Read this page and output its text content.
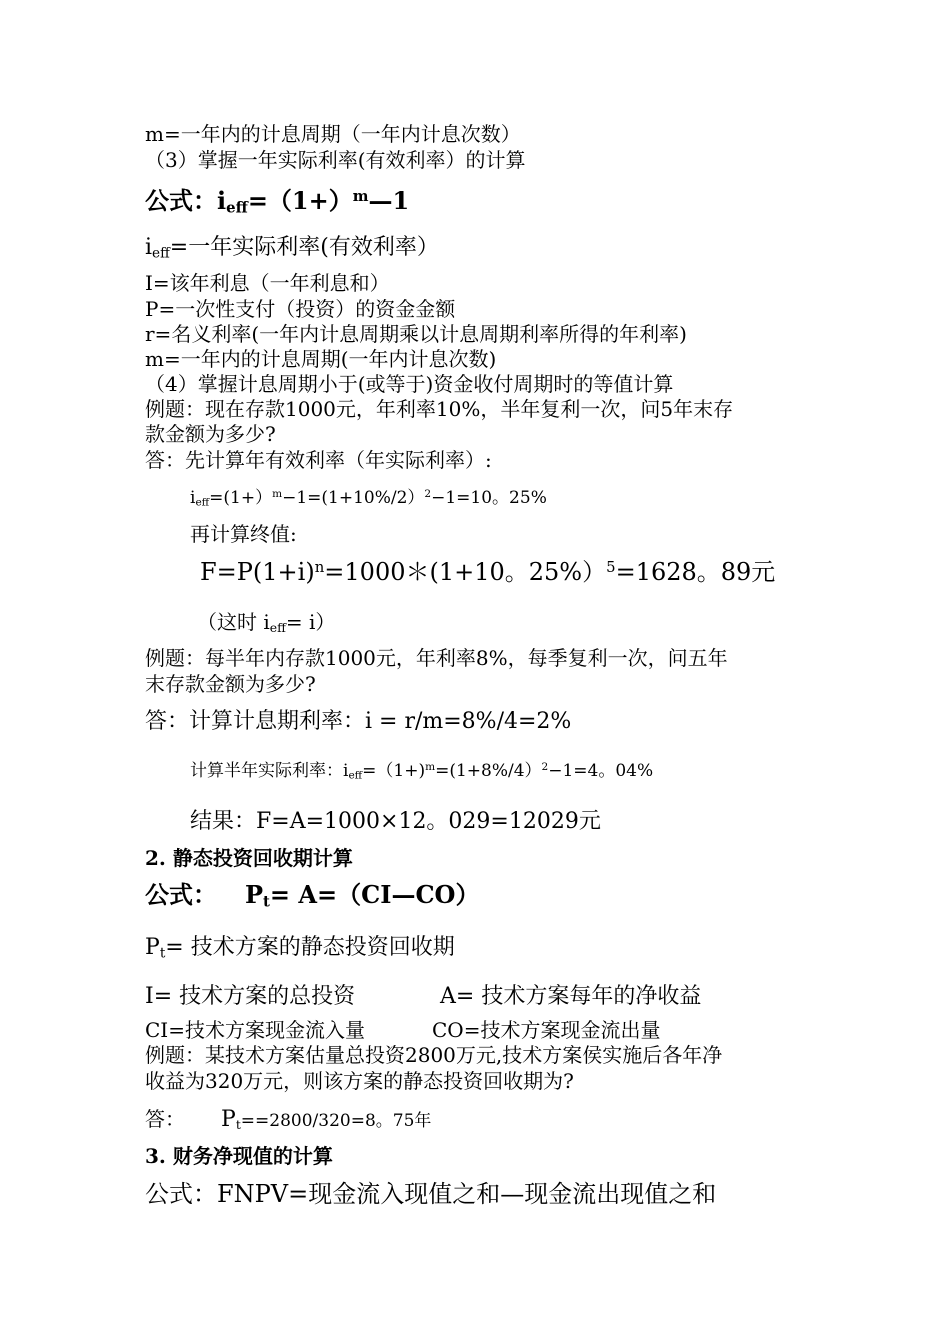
m=一年内的计息周期（一年内计息次数）
（3）掌握一年实际利率(有效利率）的计算
公式：$i_{eff}=(1+)^m—1$
$i_{eff}=$一年实际利率(有效利率）
I=该年利息（一年利息和）
P=一次性支付（投资）的资金金额
r=名义利率(一年内计息周期乘以计息周期利率所得的年利率)
m=一年内的计息周期(一年内计息次数)
（4）掌握计息周期小于(或等于)资金收付周期时的等值计算
例题：现在存款1000元，年利率10%，半年复利一次，问5年末存
款金额为多少?
答：先计算年有效利率（年实际利率）:
$i_{eff}=(1+)^m-1=(1+10\%/2)^2-1=10$。25%
再计算终值:
$F=P(1+i)^n=1000*(1+10$。25%）$^5$=1628。89元
（这时 $i_{eff}= i$）
例题：每半年内存款1000元，年利率8%，每季复利一次，问五年
末存款金额为多少?
答：计算计息期利率：i = r/m=8%/4=2%
计算半年实际利率：$i_{eff}=(1+)^m=(1+8\%/4)^2-1=4$。04%
结果：F=A=1000×12。029=12029元
2. 静态投资回收期计算
公式： $P_t=$ A=（CI—CO）
$P_t=$ 技术方案的静态投资回收期
I= 技术方案的总投资	A= 技术方案每年的净收益
CI=技术方案现金流入量	CO=技术方案现金流出量
例题：某技术方案估量总投资2800万元,技术方案侯实施后各年净
收益为320万元，则该方案的静态投资回收期为?
答： $P_t==2800/320=8$。75年
3. 财务净现值的计算
公式：FNPV=现金流入现值之和—现金流出现值之和
